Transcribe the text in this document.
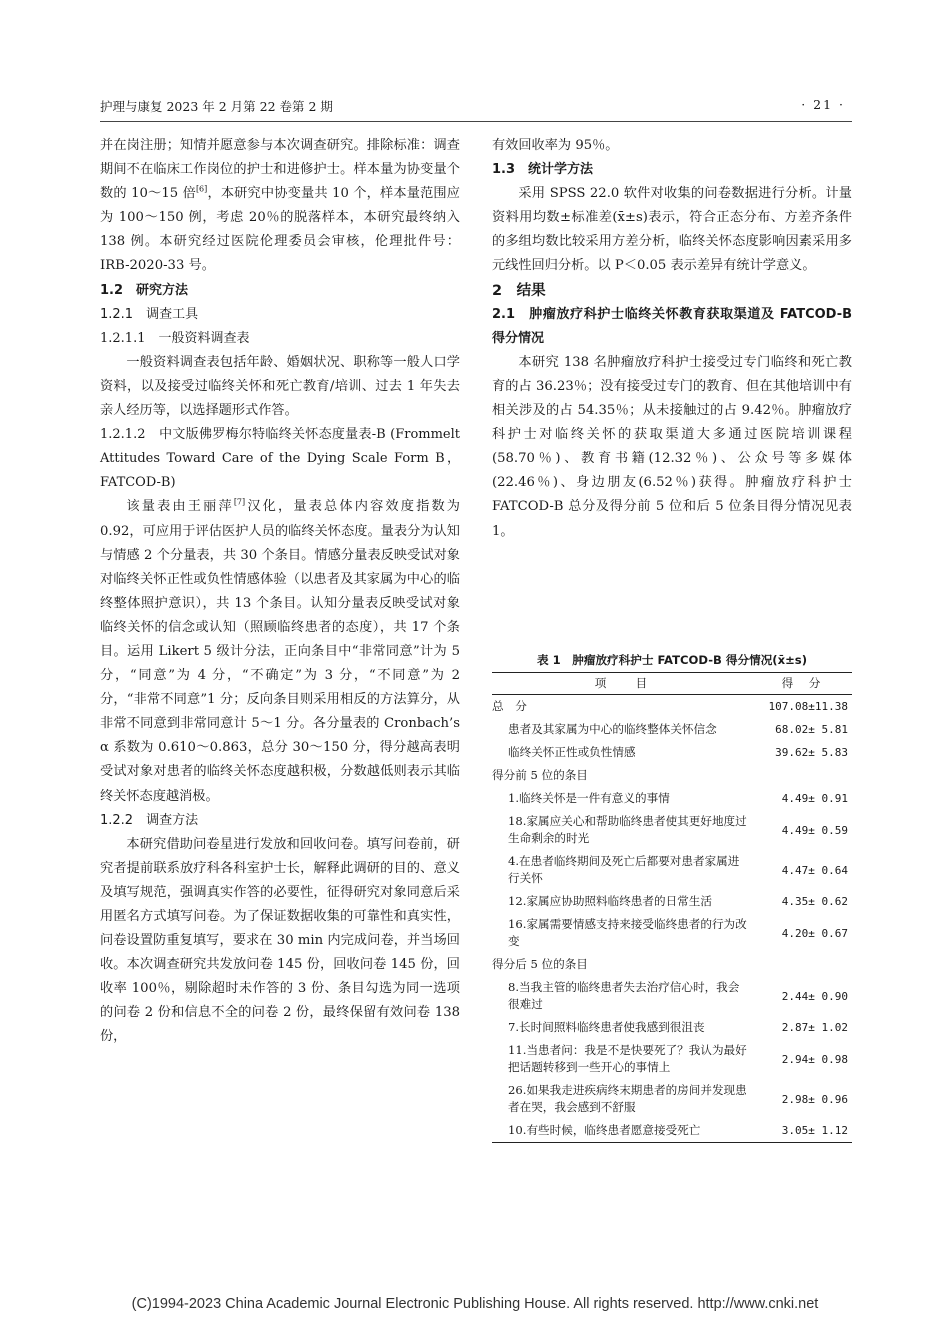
护理与康复 2023 年 2 月第 22 卷第 2 期	· 21 ·

并在岗注册；知情并愿意参与本次调查研究。排除标准：调查期间不在临床工作岗位的护士和进修护士。样本量为协变量个数的 10～15 倍[6]，本研究中协变量共 10 个，样本量范围应为 100～150 例，考虑 20％的脱落样本，本研究最终纳入 138 例。本研究经过医院伦理委员会审核，伦理批件号：IRB-2020-33 号。

1.2　研究方法

1.2.1　调查工具

1.2.1.1　一般资料调查表

一般资料调查表包括年龄、婚姻状况、职称等一般人口学资料，以及接受过临终关怀和死亡教育/培训、过去 1 年失去亲人经历等，以选择题形式作答。

1.2.1.2　中文版佛罗梅尔特临终关怀态度量表-B (Frommelt Attitudes Toward Care of the Dying Scale Form B，FATCOD-B)

该量表由王丽萍[7]汉化，量表总体内容效度指数为 0.92，可应用于评估医护人员的临终关怀态度。量表分为认知与情感 2 个分量表，共 30 个条目。情感分量表反映受试对象对临终关怀正性或负性情感体验（以患者及其家属为中心的临终整体照护意识），共 13 个条目。认知分量表反映受试对象临终关怀的信念或认知（照顾临终患者的态度），共 17 个条目。运用 Likert 5 级计分法，正向条目中“非常同意”计为 5 分，“同意”为 4 分，“不确定”为 3 分，“不同意”为 2 分，“非常不同意”1 分；反向条目则采用相反的方法算分，从非常不同意到非常同意计 5～1 分。各分量表的 Cronbach’s α 系数为 0.610～0.863，总分 30～150 分，得分越高表明受试对象对患者的临终关怀态度越积极，分数越低则表示其临终关怀态度越消极。

1.2.2　调查方法

本研究借助问卷星进行发放和回收问卷。填写问卷前，研究者提前联系放疗科各科室护士长，解释此调研的目的、意义及填写规范，强调真实作答的必要性，征得研究对象同意后采用匿名方式填写问卷。为了保证数据收集的可靠性和真实性，问卷设置防重复填写，要求在 30 min 内完成问卷，并当场回收。本次调查研究共发放问卷 145 份，回收问卷 145 份，回收率 100％，剔除超时未作答的 3 份、条目勾选为同一选项的问卷 2 份和信息不全的问卷 2 份，最终保留有效问卷 138 份，

有效回收率为 95％。

1.3　统计学方法

采用 SPSS 22.0 软件对收集的问卷数据进行分析。计量资料用均数±标准差(x̄±s)表示，符合正态分布、方差齐条件的多组均数比较采用方差分析，临终关怀态度影响因素采用多元线性回归分析。以 P＜0.05 表示差异有统计学意义。

2　结果

2.1　肿瘤放疗科护士临终关怀教育获取渠道及 FATCOD-B 得分情况

本研究 138 名肿瘤放疗科护士接受过专门临终和死亡教育的占 36.23％；没有接受过专门的教育、但在其他培训中有相关涉及的占 54.35％；从未接触过的占 9.42％。肿瘤放疗科护士对临终关怀的获取渠道大多通过医院培训课程(58.70％)、教育书籍(12.32％)、公众号等多媒体(22.46％)、身边朋友(6.52％)获得。肿瘤放疗科护士 FATCOD-B 总分及得分前 5 位和后 5 位条目得分情况见表 1。

表 1　肿瘤放疗科护士 FATCOD-B 得分情况(x̄±s)
项　　目	得　分
总　分	107.08±11.38
患者及其家属为中心的临终整体关怀信念	68.02± 5.81
临终关怀正性或负性情感	39.62± 5.83
得分前 5 位的条目	
1.临终关怀是一件有意义的事情	4.49± 0.91
18.家属应关心和帮助临终患者使其更好地度过生命剩余的时光	4.49± 0.59
4.在患者临终期间及死亡后都要对患者家属进行关怀	4.47± 0.64
12.家属应协助照料临终患者的日常生活	4.35± 0.62
16.家属需要情感支持来接受临终患者的行为改变	4.20± 0.67
得分后 5 位的条目	
8.当我主管的临终患者失去治疗信心时，我会很难过	2.44± 0.90
7.长时间照料临终患者使我感到很沮丧	2.87± 1.02
11.当患者问：我是不是快要死了？我认为最好把话题转移到一些开心的事情上	2.94± 0.98
26.如果我走进疾病终末期患者的房间并发现患者在哭，我会感到不舒服	2.98± 0.96
10.有些时候，临终患者愿意接受死亡	3.05± 1.12
(C)1994-2023 China Academic Journal Electronic Publishing House. All rights reserved. http://www.cnki.net
